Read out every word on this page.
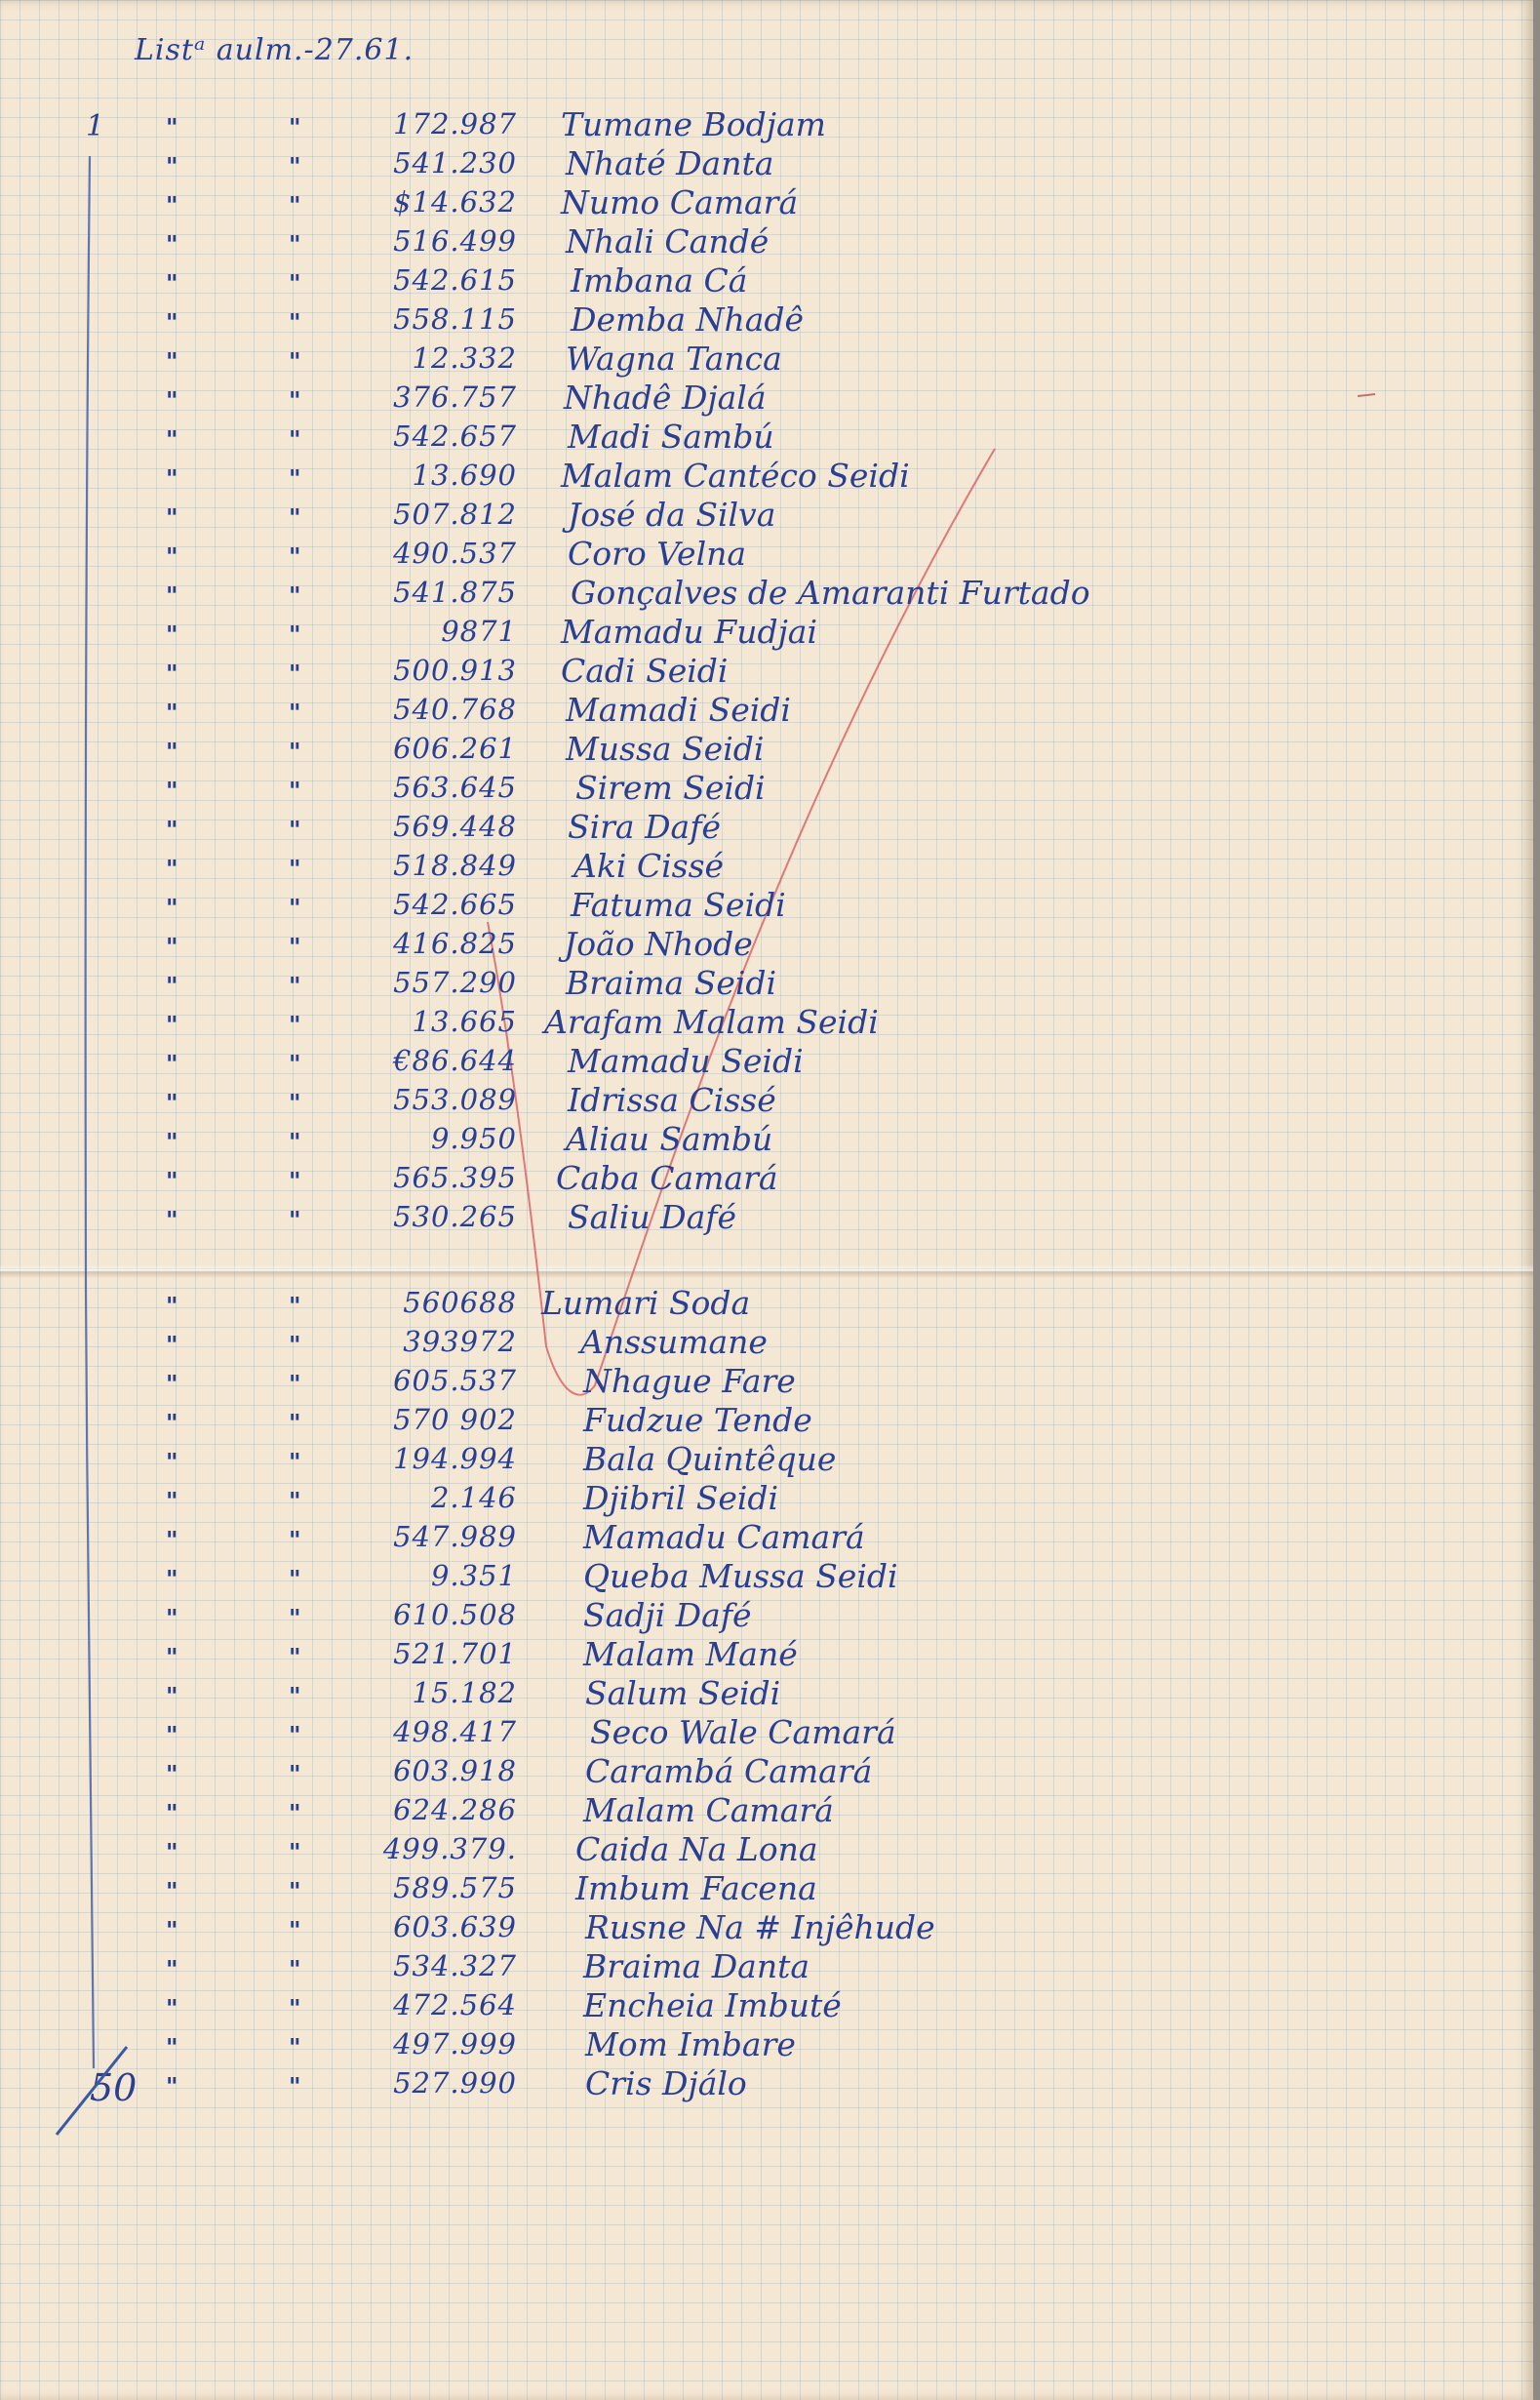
Listᵃ aulm.-27.61.
1
50
"	"	172.987 Tumane Bodjam
"	"	541.230 Nhaté Danta
"	"	$14.632 Numo Camará
"	"	516.499 Nhali Candé
"	"	542.615 Imbana Cá
"	"	558.115 Demba Nhadê
"	"	12.332 Wagna Tanca
"	"	376.757 Nhadê Djalá
"	"	542.657 Madi Sambú
"	"	13.690 Malam Cantéco Seidi
"	"	507.812 José da Silva
"	"	490.537 Coro Velna
"	"	541.875 Gonçalves de Amaranti Furtado
"	"	9871 Mamadu Fudjai
"	"	500.913 Cadi Seidi
"	"	540.768 Mamadi Seidi
"	"	606.261 Mussa Seidi
"	"	563.645 Sirem Seidi
"	"	569.448 Sira Dafé
"	"	518.849 Aki Cissé
"	"	542.665 Fatuma Seidi
"	"	416.825 João Nhode
"	"	557.290 Braima Seidi
"	"	13.665 Arafam Malam Seidi
"	"	€86.644 Mamadu Seidi
"	"	553.089 Idrissa Cissé
"	"	9.950 Aliau Sambú
"	"	565.395 Caba Camará
"	"	530.265 Saliu Dafé
"	"	560688 Lumari Soda
"	"	393972 Anssumane
"	"	605.537 Nhague Fare
"	"	570 902 Fudzue Tende
"	"	194.994 Bala Quintêque
"	"	2.146 Djibril Seidi
"	"	547.989 Mamadu Camará
"	"	9.351 Queba Mussa Seidi
"	"	610.508 Sadji Dafé
"	"	521.701 Malam Mané
"	"	15.182 Salum Seidi
"	"	498.417 Seco Wale Camará
"	"	603.918 Carambá Camará
"	"	624.286 Malam Camará
"	"	499.379. Caida Na Lona
"	"	589.575 Imbum Facena
"	"	603.639 Rusne Na # Injêhude
"	"	534.327 Braima Danta
"	"	472.564 Encheia Imbuté
"	"	497.999 Mom Imbare
"	"	527.990 Cris Djálo
